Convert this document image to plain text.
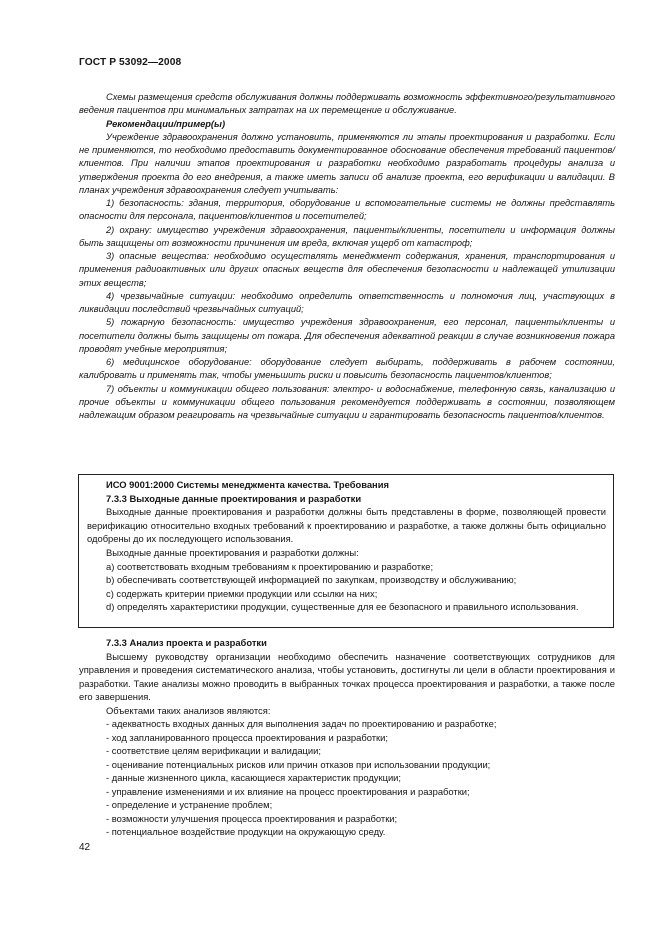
ГОСТ Р 53092—2008

Схемы размещения средств обслуживания должны поддерживать возможность эффективного/результативного ведения пациентов при минимальных затратах на их перемещение и обслуживание.

Рекомендации/пример(ы)

Учреждение здравоохранения должно установить, применяются ли этапы проектирования и разработки. Если не применяются, то необходимо предоставить документированное обоснование обеспечения требований пациентов/клиентов. При наличии этапов проектирования и разработки необходимо разработать процедуры анализа и утверждения проекта до его внедрения, а также иметь записи об анализе проекта, его верификации и валидации. В планах учреждения здравоохранения следует учитывать:

1) безопасность: здания, территория, оборудование и вспомогательные системы не должны представлять опасности для персонала, пациентов/клиентов и посетителей;

2) охрану: имущество учреждения здравоохранения, пациенты/клиенты, посетители и информация должны быть защищены от возможности причинения им вреда, включая ущерб от катастроф;

3) опасные вещества: необходимо осуществлять менеджмент содержания, хранения, транспортирования и применения радиоактивных или других опасных веществ для обеспечения безопасности и надлежащей утилизации этих веществ;

4) чрезвычайные ситуации: необходимо определить ответственность и полномочия лиц, участвующих в ликвидации последствий чрезвычайных ситуаций;

5) пожарную безопасность: имущество учреждения здравоохранения, его персонал, пациенты/клиенты и посетители должны быть защищены от пожара. Для обеспечения адекватной реакции в случае возникновения пожара проводят учебные мероприятия;

6) медицинское оборудование: оборудование следует выбирать, поддерживать в рабочем состоянии, калибровать и применять так, чтобы уменьшить риски и повысить безопасность пациентов/клиентов;

7) объекты и коммуникации общего пользования: электро- и водоснабжение, телефонную связь, канализацию и прочие объекты и коммуникации общего пользования рекомендуется поддерживать в состоянии, позволяющем надлежащим образом реагировать на чрезвычайные ситуации и гарантировать безопасность пациентов/клиентов.

ИСО 9001:2000 Системы менеджмента качества. Требования

7.3.3 Выходные данные проектирования и разработки

Выходные данные проектирования и разработки должны быть представлены в форме, позволяющей провести верификацию относительно входных требований к проектированию и разработке, а также должны быть официально одобрены до их последующего использования.

Выходные данные проектирования и разработки должны:

a) соответствовать входным требованиям к проектированию и разработке;

b) обеспечивать соответствующей информацией по закупкам, производству и обслуживанию;

c) содержать критерии приемки продукции или ссылки на них;

d) определять характеристики продукции, существенные для ее безопасного и правильного использования.

7.3.3 Анализ проекта и разработки

Высшему руководству организации необходимо обеспечить назначение соответствующих сотрудников для управления и проведения систематического анализа, чтобы установить, достигнуты ли цели в области проектирования и разработки. Такие анализы можно проводить в выбранных точках процесса проектирования и разработки, а также после его завершения.

Объектами таких анализов являются:

- адекватность входных данных для выполнения задач по проектированию и разработке;
- ход запланированного процесса проектирования и разработки;
- соответствие целям верификации и валидации;
- оценивание потенциальных рисков или причин отказов при использовании продукции;
- данные жизненного цикла, касающиеся характеристик продукции;
- управление изменениями и их влияние на процесс проектирования и разработки;
- определение и устранение проблем;
- возможности улучшения процесса проектирования и разработки;
- потенциальное воздействие продукции на окружающую среду.
42
